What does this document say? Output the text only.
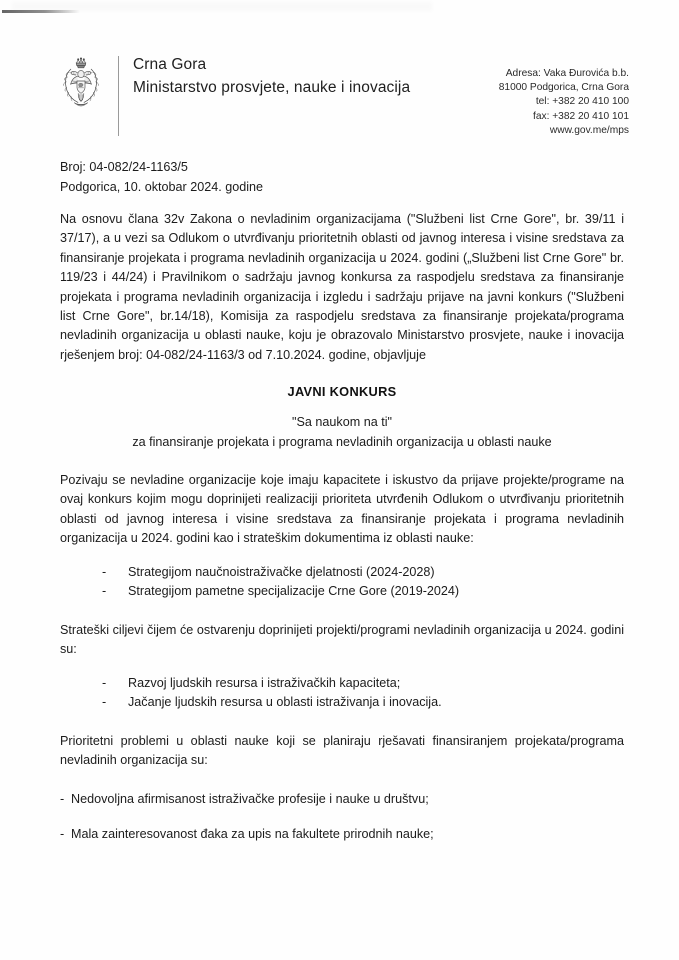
Crna Gora
Ministarstvo prosvjete, nauke i inovacija
Adresa: Vaka Đurovića b.b.
81000 Podgorica, Crna Gora
tel: +382 20 410 100
fax: +382 20 410 101
www.gov.me/mps
Broj: 04-082/24-1163/5
Podgorica, 10. oktobar 2024. godine

Na osnovu člana 32v Zakona o nevladinim organizacijama ("Službeni list Crne Gore", br. 39/11 i 37/17), a u vezi sa Odlukom o utvrđivanju prioritetnih oblasti od javnog interesa i visine sredstava za finansiranje projekata i programa nevladinih organizacija u 2024. godini („Službeni list Crne Gore" br. 119/23 i 44/24) i Pravilnikom o sadržaju javnog konkursa za raspodjelu sredstava za finansiranje projekata i programa nevladinih organizacija i izgledu i sadržaju prijave na javni konkurs ("Službeni list Crne Gore", br.14/18), Komisija za raspodjelu sredstava za finansiranje projekata/programa nevladinih organizacija u oblasti nauke, koju je obrazovalo Ministarstvo prosvjete, nauke i inovacija rješenjem broj: 04-082/24-1163/3 od 7.10.2024. godine, objavljuje

JAVNI KONKURS

"Sa naukom na ti"

za finansiranje projekata i programa nevladinih organizacija u oblasti nauke

Pozivaju se nevladine organizacije koje imaju kapacitete i iskustvo da prijave projekte/programe na ovaj konkurs kojim mogu doprinijeti realizaciji prioriteta utvrđenih Odlukom o utvrđivanju prioritetnih oblasti od javnog interesa i visine sredstava za finansiranje projekata i programa nevladinih organizacija u 2024. godini kao i strateškim dokumentima iz oblasti nauke:

- Strategijom naučnoistraživačke djelatnosti (2024-2028)
- Strategijom pametne specijalizacije Crne Gore (2019-2024)

Strateški ciljevi čijem će ostvarenju doprinijeti projekti/programi nevladinih organizacija u 2024. godini su:

- Razvoj ljudskih resursa i istraživačkih kapaciteta;
- Jačanje ljudskih resursa u oblasti istraživanja i inovacija.

Prioritetni problemi u oblasti nauke koji se planiraju rješavati finansiranjem projekata/programa nevladinih organizacija su:

- Nedovoljna afirmisanost istraživačke profesije i nauke u društvu;
- Mala zainteresovanost đaka za upis na fakultete prirodnih nauke;
